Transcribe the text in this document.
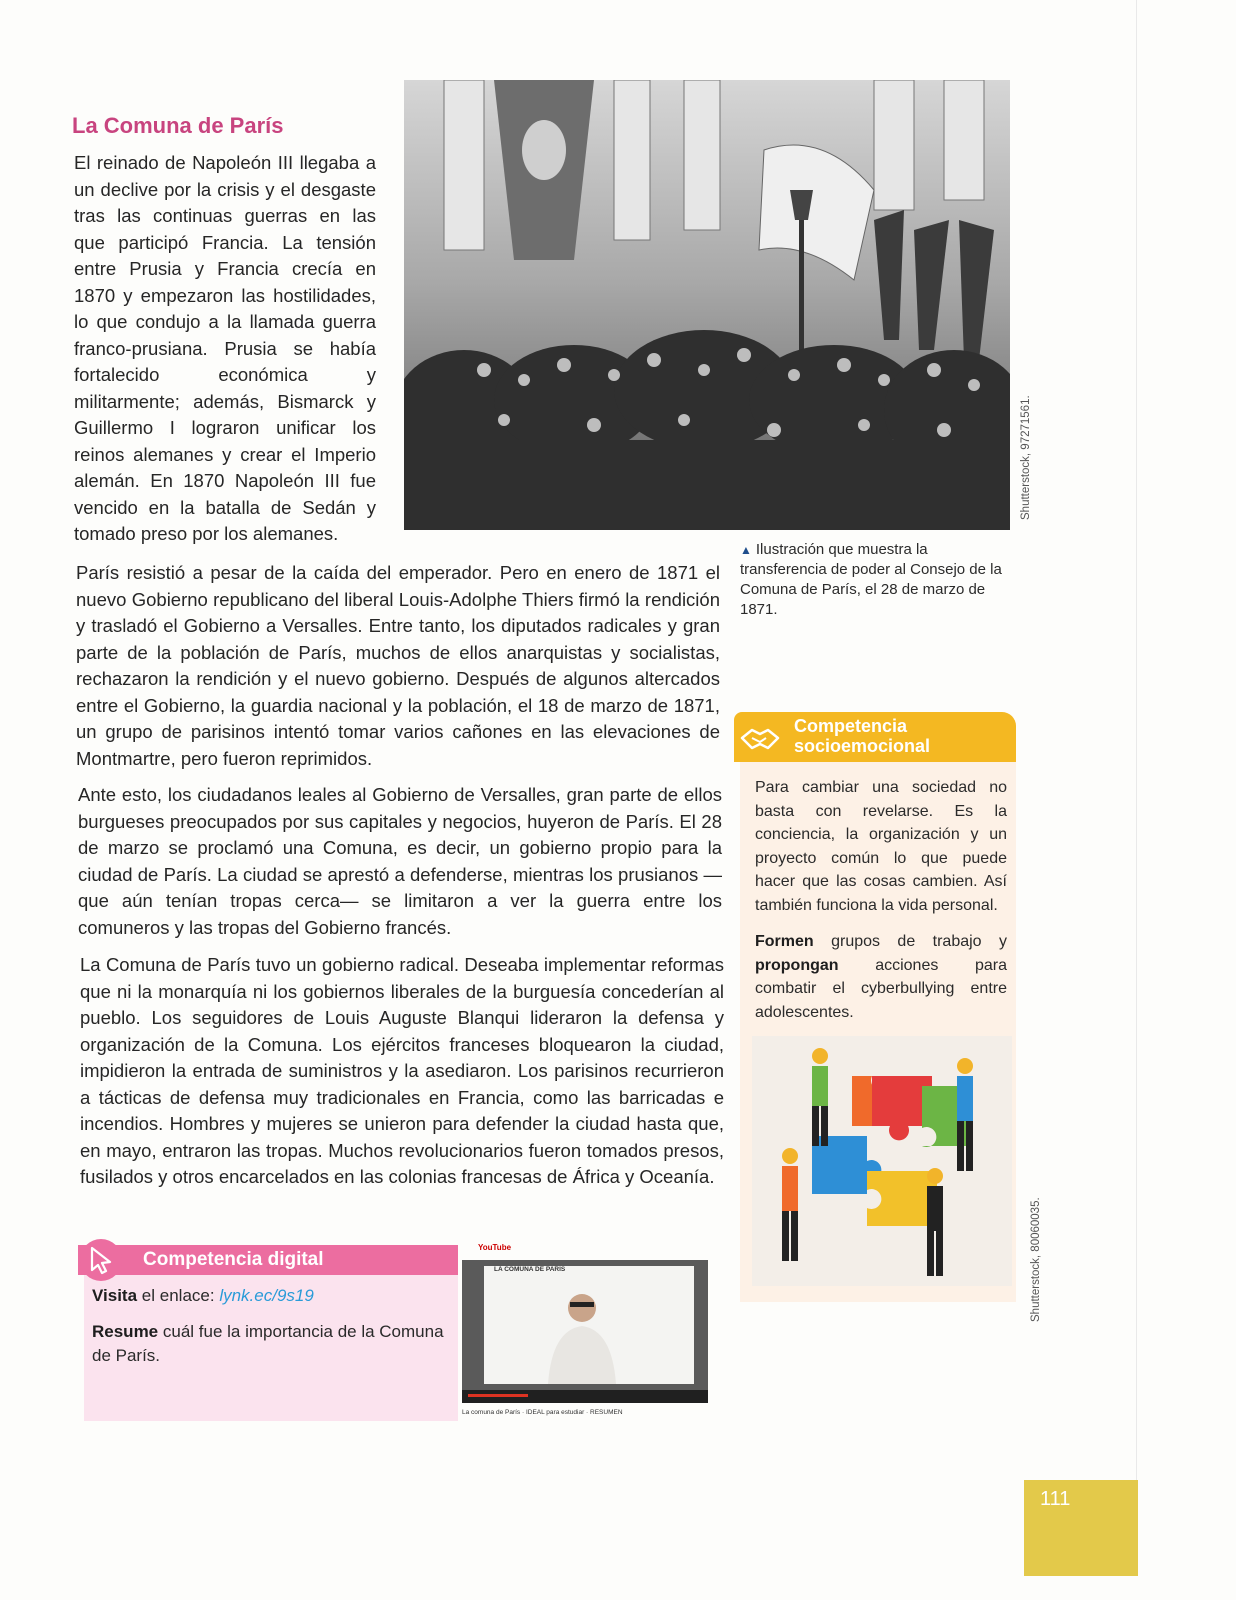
La Comuna de París

El reinado de Napoleón III llegaba a un declive por la crisis y el desgaste tras las continuas guerras en las que participó Francia. La tensión entre Prusia y Francia crecía en 1870 y empezaron las hostilidades, lo que condujo a la llamada guerra franco-prusiana. Prusia se había fortalecido económica y militarmente; además, Bismarck y Guillermo I lograron unificar los reinos alemanes y crear el Imperio alemán. En 1870 Napoleón III fue vencido en la batalla de Sedán y tomado preso por los alemanes.

Shutterstock, 97271561.

▲ Ilustración que muestra la transferencia de poder al Consejo de la Comuna de París, el 28 de marzo de 1871.

París resistió a pesar de la caída del emperador. Pero en enero de 1871 el nuevo Gobierno republicano del liberal Louis-Adolphe Thiers firmó la rendición y trasladó el Gobierno a Versalles. Entre tanto, los diputados radicales y gran parte de la población de París, muchos de ellos anarquistas y socialistas, rechazaron la rendición y el nuevo gobierno. Después de algunos altercados entre el Gobierno, la guardia nacional y la población, el 18 de marzo de 1871, un grupo de parisinos intentó tomar varios cañones en las elevaciones de Montmartre, pero fueron reprimidos.

Ante esto, los ciudadanos leales al Gobierno de Versalles, gran parte de ellos burgueses preocupados por sus capitales y negocios, huyeron de París. El 28 de marzo se proclamó una Comuna, es decir, un gobierno propio para la ciudad de París. La ciudad se aprestó a defenderse, mientras los prusianos —que aún tenían tropas cerca— se limitaron a ver la guerra entre los comuneros y las tropas del Gobierno francés.

La Comuna de París tuvo un gobierno radical. Deseaba implementar reformas que ni la monarquía ni los gobiernos liberales de la burguesía concederían al pueblo. Los seguidores de Louis Auguste Blanqui lideraron la defensa y organización de la Comuna. Los ejércitos franceses bloquearon la ciudad, impidieron la entrada de suministros y la asediaron. Los parisinos recurrieron a tácticas de defensa muy tradicionales en Francia, como las barricadas e incendios. Hombres y mujeres se unieron para defender la ciudad hasta que, en mayo, entraron las tropas. Muchos revolucionarios fueron tomados presos, fusilados y otros encarcelados en las colonias francesas de África y Oceanía.

Competencia socioemocional

Para cambiar una sociedad no basta con revelarse. Es la conciencia, la organización y un proyecto común lo que puede hacer que las cosas cambien. Así también funciona la vida personal.

Formen grupos de trabajo y propongan acciones para combatir el cyberbullying entre adolescentes.

Shutterstock, 80060035.

Competencia digital

Visita el enlace: lynk.ec/9s19

Resume cuál fue la importancia de la Comuna de París.

YouTube
LA COMUNA DE PARIS
La comuna de París · IDEAL para estudiar · RESUMEN

111
